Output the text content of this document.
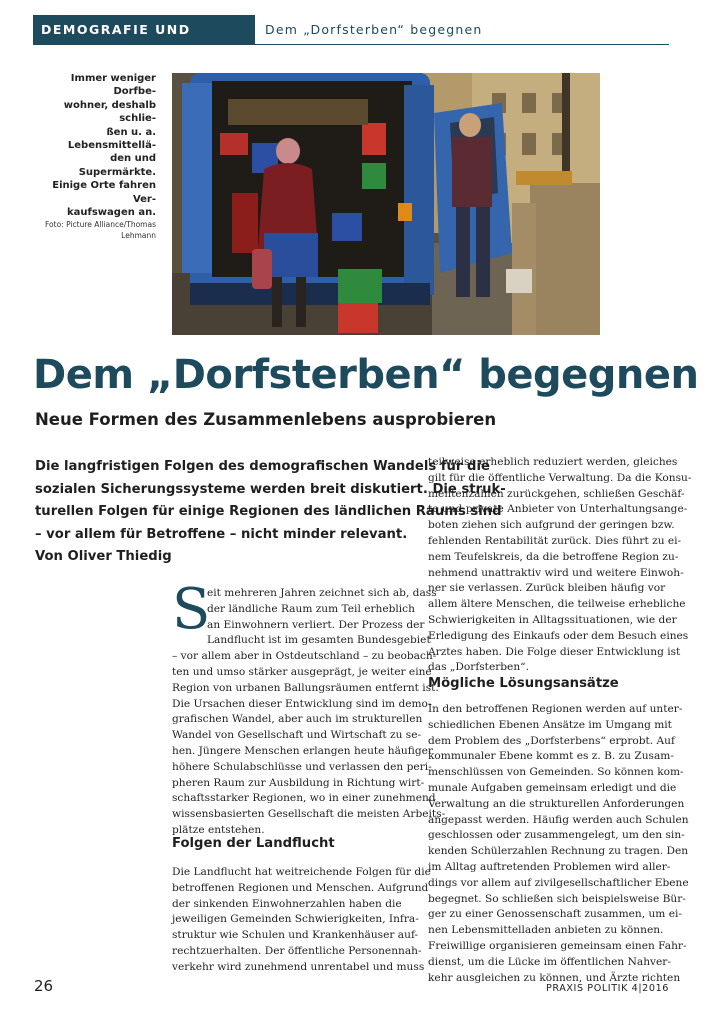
DEMOGRAFIE UND POLITIK
Dem „Dorfsterben“ begegnen
Immer weniger Dorfbe-
wohner, deshalb schlie-
ßen u. a. Lebensmittellä-
den und Supermärkte.
Einige Orte fahren Ver-
kaufswagen an.
Foto: Picture Alliance/Thomas
Lehmann
Dem „Dorfsterben“ begegnen
Neue Formen des Zusammenlebens ausprobieren

Die langfristigen Folgen des demografischen Wandels für die

sozialen Sicherungssysteme werden breit diskutiert. Die struk-

turellen Folgen für einige Regionen des ländlichen Raums sind

– vor allem für Betroffene – nicht minder relevant.

Von Oliver Thiedig

S

eit mehreren Jahren zeichnet sich ab, dass

der ländliche Raum zum Teil erheblich

an Einwohnern verliert. Der Prozess der

Landflucht ist im gesamten Bundesgebiet

– vor allem aber in Ostdeutschland – zu beobach-

ten und umso stärker ausgeprägt, je weiter eine

Region von urbanen Ballungsräumen entfernt ist.

Die Ursachen dieser Entwicklung sind im demo-

grafischen Wandel, aber auch im strukturellen

Wandel von Gesellschaft und Wirtschaft zu se-

hen. Jüngere Menschen erlangen heute häufiger

höhere Schulabschlüsse und verlassen den peri-

pheren Raum zur Ausbildung in Richtung wirt-

schaftsstarker Regionen, wo in einer zunehmend

wissensbasierten Gesellschaft die meisten Arbeits-

plätze entstehen.

Folgen der Landflucht

Die Landflucht hat weitreichende Folgen für die

betroffenen Regionen und Menschen. Aufgrund

der sinkenden Einwohnerzahlen haben die

jeweiligen Gemeinden Schwierigkeiten, Infra-

struktur wie Schulen und Krankenhäuser auf-

rechtzuerhalten. Der öffentliche Personennah-

verkehr wird zunehmend unrentabel und muss

teilweise erheblich reduziert werden, gleiches

gilt für die öffentliche Verwaltung. Da die Konsu-

mentenzahlen zurückgehen, schließen Geschäf-

te und private Anbieter von Unterhaltungsange-

boten ziehen sich aufgrund der geringen bzw.

fehlenden Rentabilität zurück. Dies führt zu ei-

nem Teufelskreis, da die betroffene Region zu-

nehmend unattraktiv wird und weitere Einwoh-

ner sie verlassen. Zurück bleiben häufig vor

allem ältere Menschen, die teilweise erhebliche

Schwierigkeiten in Alltagssituationen, wie der

Erledigung des Einkaufs oder dem Besuch eines

Arztes haben. Die Folge dieser Entwicklung ist

das „Dorfsterben“.

Mögliche Lösungsansätze

In den betroffenen Regionen werden auf unter-

schiedlichen Ebenen Ansätze im Umgang mit

dem Problem des „Dorfsterbens“ erprobt. Auf

kommunaler Ebene kommt es z. B. zu Zusam-

menschlüssen von Gemeinden. So können kom-

munale Aufgaben gemeinsam erledigt und die

Verwaltung an die strukturellen Anforderungen

angepasst werden. Häufig werden auch Schulen

geschlossen oder zusammengelegt, um den sin-

kenden Schülerzahlen Rechnung zu tragen. Den

im Alltag auftretenden Problemen wird aller-

dings vor allem auf zivilgesellschaftlicher Ebene

begegnet. So schließen sich beispielsweise Bür-

ger zu einer Genossenschaft zusammen, um ei-

nen Lebensmittelladen anbieten zu können.

Freiwillige organisieren gemeinsam einen Fahr-

dienst, um die Lücke im öffentlichen Nahver-

kehr ausgleichen zu können, und Ärzte richten

26	PRAXIS POLITIK 4|2016
